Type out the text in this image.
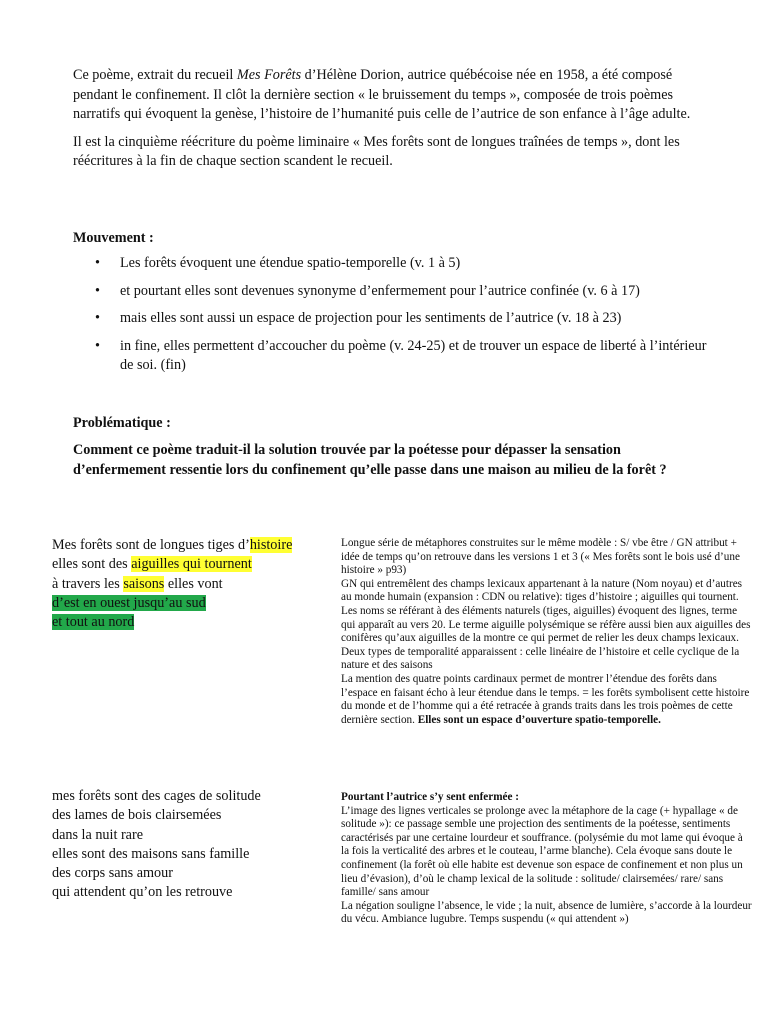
Ce poème, extrait du recueil Mes Forêts d’Hélène Dorion, autrice québécoise née en 1958, a été composé pendant le confinement. Il clôt la dernière section « le bruissement du temps », composée de trois poèmes narratifs qui évoquent la genèse, l’histoire de l’humanité puis celle de l’autrice de son enfance à l’âge adulte.

Il est la cinquième réécriture du poème liminaire « Mes forêts sont de longues traînées de temps », dont les réécritures à la fin de chaque section scandent le recueil.

Mouvement :
• Les forêts évoquent une étendue spatio-temporelle (v. 1 à 5)
• et pourtant elles sont devenues synonyme d’enfermement pour l’autrice confinée (v. 6 à 17)
• mais elles sont aussi un espace de projection pour les sentiments de l’autrice (v. 18 à 23)
• in fine, elles permettent d’accoucher du poème (v. 24-25) et de trouver un espace de liberté à l’intérieur de soi. (fin)
Problématique :
Comment ce poème traduit-il la solution trouvée par la poétesse pour dépasser la sensation d’enfermement ressentie lors du confinement qu’elle passe dans une maison au milieu de la forêt ?
Mes forêts sont de longues tiges d’histoire
elles sont des aiguilles qui tournent
à travers les saisons elles vont
d’est en ouest jusqu’au sud
et tout au nord

Longue série de métaphores construites sur le même modèle : S/ vbe être / GN attribut + idée de temps qu’on retrouve dans les versions 1 et 3 (« Mes forêts sont le bois usé d’une histoire » p93)

GN qui entremêlent des champs lexicaux appartenant à la nature (Nom noyau) et d’autres au monde humain (expansion : CDN ou relative): tiges d’histoire ; aiguilles qui tournent. Les noms se référant à des éléments naturels (tiges, aiguilles) évoquent des lignes, terme qui apparaît au vers 20. Le terme aiguille polysémique se réfère aussi bien aux aiguilles des conifères qu’aux aiguilles de la montre ce qui permet de relier les deux champs lexicaux.

Deux types de temporalité apparaissent : celle linéaire de l’histoire et celle cyclique de la nature et des saisons

La mention des quatre points cardinaux permet de montrer l’étendue des forêts dans l’espace en faisant écho à leur étendue dans le temps. = les forêts symbolisent cette histoire du monde et de l’homme qui a été retracée à grands traits dans les trois poèmes de cette dernière section. Elles sont un espace d’ouverture spatio-temporelle.

mes forêts sont des cages de solitude
des lames de bois clairsemées
dans la nuit rare
elles sont des maisons sans famille
des corps sans amour
qui attendent qu’on les retrouve

Pourtant l’autrice s’y sent enfermée :

L’image des lignes verticales se prolonge avec la métaphore de la cage (+ hypallage « de solitude »): ce passage semble une projection des sentiments de la poétesse, sentiments caractérisés par une certaine lourdeur et souffrance. (polysémie du mot lame qui évoque à la fois la verticalité des arbres et le couteau, l’arme blanche). Cela évoque sans doute le confinement (la forêt où elle habite est devenue son espace de confinement et non plus un lieu d’évasion), d’où le champ lexical de la solitude : solitude/ clairsemées/ rare/ sans famille/ sans amour

La négation souligne l’absence, le vide ; la nuit, absence de lumière, s’accorde à la lourdeur du vécu. Ambiance lugubre. Temps suspendu (« qui attendent »)
